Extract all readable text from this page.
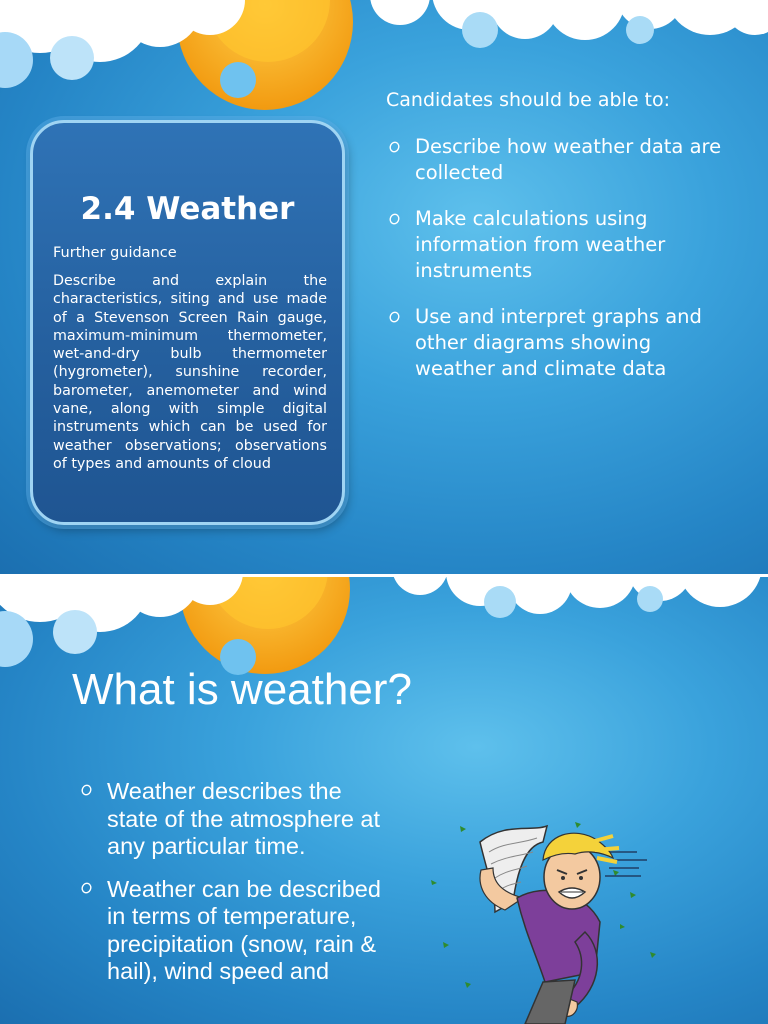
2.4 Weather
Further guidance
Describe and explain the characteristics, siting and use made of a Stevenson Screen Rain gauge, maximum-minimum thermometer, wet-and-dry bulb thermometer (hygrometer), sunshine recorder, barometer, anemometer and wind vane, along with simple digital instruments which can be used for weather observations; observations of types and amounts of cloud
Candidates should be able to:
Describe how weather data are collected
Make calculations using information from weather instruments
Use and interpret graphs and other diagrams showing weather and climate data
What is weather?
Weather describes the state of the atmosphere at any particular time.
Weather can be described in terms of temperature, precipitation (snow, rain & hail), wind speed and
